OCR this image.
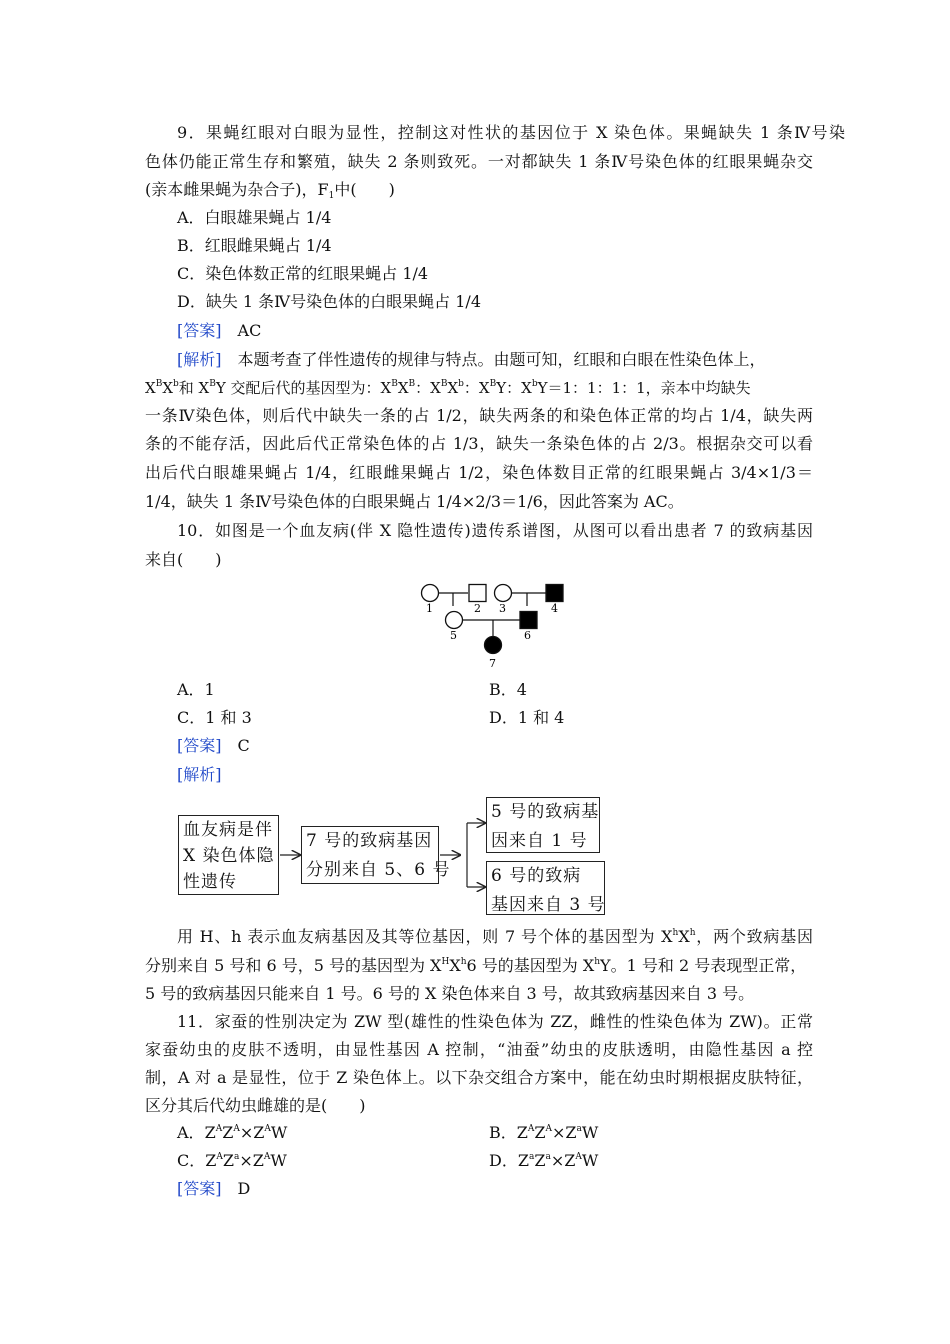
9．果蝇红眼对白眼为显性，控制这对性状的基因位于 X 染色体。果蝇缺失 1 条Ⅳ号染
色体仍能正常生存和繁殖，缺失 2 条则致死。一对都缺失 1 条Ⅳ号染色体的红眼果蝇杂交
(亲本雌果蝇为杂合子)，$F_1$中(　　)
A．白眼雄果蝇占 1/4
B．红眼雌果蝇占 1/4
C．染色体数正常的红眼果蝇占 1/4
D．缺失 1 条Ⅳ号染色体的白眼果蝇占 1/4
[答案]　 AC
[解析]　 本题考查了伴性遗传的规律与特点。由题可知，红眼和白眼在性染色体上，
$X^BX^b$和 $X^BY$ 交配后代的基因型为：$X^BX^B$：$X^BX^b$：$X^BY$：$X^bY=1$：1：1：1，亲本中均缺失
一条Ⅳ染色体，则后代中缺失一条的占 1/2，缺失两条的和染色体正常的均占 1/4，缺失两
条的不能存活，因此后代正常染色体的占 1/3，缺失一条染色体的占 2/3。根据杂交可以看
出后代白眼雄果蝇占 1/4，红眼雌果蝇占 1/2，染色体数目正常的红眼果蝇占 3/4×1/3＝
1/4，缺失 1 条Ⅳ号染色体的白眼果蝇占 1/4×2/3＝1/6，因此答案为 AC。
10．如图是一个血友病(伴 X 隐性遗传)遗传系谱图，从图可以看出患者 7 的致病基因
来自(　　)
1	2 3	4
5	6
7
A．1	B．4
C．1 和 3	D．1 和 4
[答案]　 C
[解析]
血友病是伴
X 染色体隐
性遗传
7 号的致病基因
分别来自 5、6 号
5 号的致病基
因来自 1 号
6 号的致病
基因来自 3 号
用 H、h 表示血友病基因及其等位基因，则 7 号个体的基因型为 $X^hX^h$，两个致病基因
分别来自 5 号和 6 号，5 号的基因型为 $X^HX^h6$ 号的基因型为 $X^hY$。1 号和 2 号表现型正常，
5 号的致病基因只能来自 1 号。6 号的 X 染色体来自 3 号，故其致病基因来自 3 号。
11．家蚕的性别决定为 ZW 型(雄性的性染色体为 ZZ，雌性的性染色体为 ZW)。正常
家蚕幼虫的皮肤不透明，由显性基因 A 控制，“油蚕”幼虫的皮肤透明，由隐性基因 a 控
制，A 对 a 是显性，位于 Z 染色体上。以下杂交组合方案中，能在幼虫时期根据皮肤特征，
区分其后代幼虫雌雄的是(　　)
A．$Z^AZ^A\times Z^AW$	B．$Z^AZ^A\times Z^aW$
C．$Z^AZ^a\times Z^AW$	D．$Z^aZ^a\times Z^AW$
[答案]　 D
